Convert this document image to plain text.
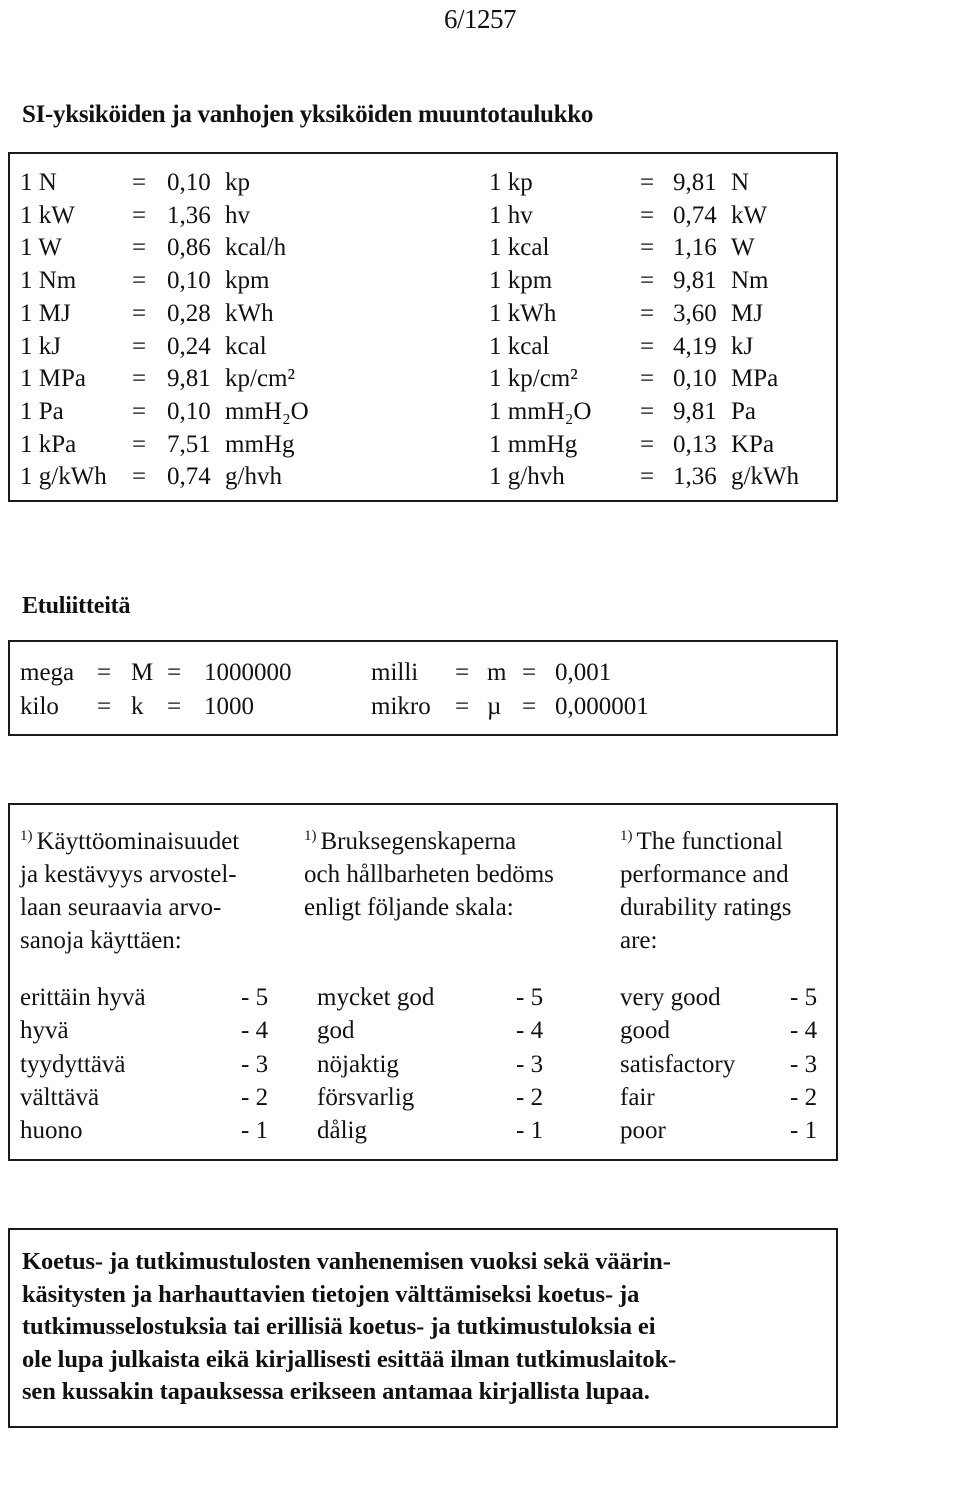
6/1257
SI-yksiköiden ja vanhojen yksiköiden muuntotaulukko
1 N	= 0,10 kp	1 kp	= 9,81 N
1 kW = 1,36 hv	1 hv	= 0,74 kW
1 W	= 0,86 kcal/h	1 kcal	= 1,16 W
1 Nm = 0,10 kpm	1 kpm	= 9,81 Nm
1 MJ = 0,28 kWh	1 kWh	= 3,60 MJ
1 kJ	= 0,24 kcal	1 kcal	= 4,19 kJ
1 MPa = 9,81 kp/cm²	1 kp/cm² = 0,10 MPa
1 Pa	= 0,10 mmH₂O	1 mmH₂O = 9,81 Pa
1 kPa = 7,51 mmHg	1 mmHg	= 0,13 KPa
1 g/kWh = 0,74 g/hvh	1 g/hvh	= 1,36 g/kWh
Etuliitteitä
mega = M = 1000000	milli = m = 0,001
kilo = k = 1000	mikro = µ = 0,000001
$^{1)}$ Käyttöominaisuudet
ja kestävyys arvostel-
laan seuraavia arvo-
sanoja käyttäen:
$^{1)}$ Bruksegenskaperna
och hållbarheten bedöms
enligt följande skala:
$^{1)}$ The functional
performance and
durability ratings
are:
erittäin hyvä	- 5 mycket god	- 5	very good	- 5
hyvä	- 4 god	- 4	good	- 4
tyydyttävä	- 3 nöjaktig	- 3	satisfactory - 3
välttävä	- 2 försvarlig	- 2	fair	- 2
huono	- 1 dålig	- 1	poor	- 1
Koetus- ja tutkimustulosten vanhenemisen vuoksi sekä väärin-
käsitysten ja harhauttavien tietojen välttämiseksi koetus- ja
tutkimusselostuksia tai erillisiä koetus- ja tutkimustuloksia ei
ole lupa julkaista eikä kirjallisesti esittää ilman tutkimuslaitok-
sen kussakin tapauksessa erikseen antamaa kirjallista lupaa.
